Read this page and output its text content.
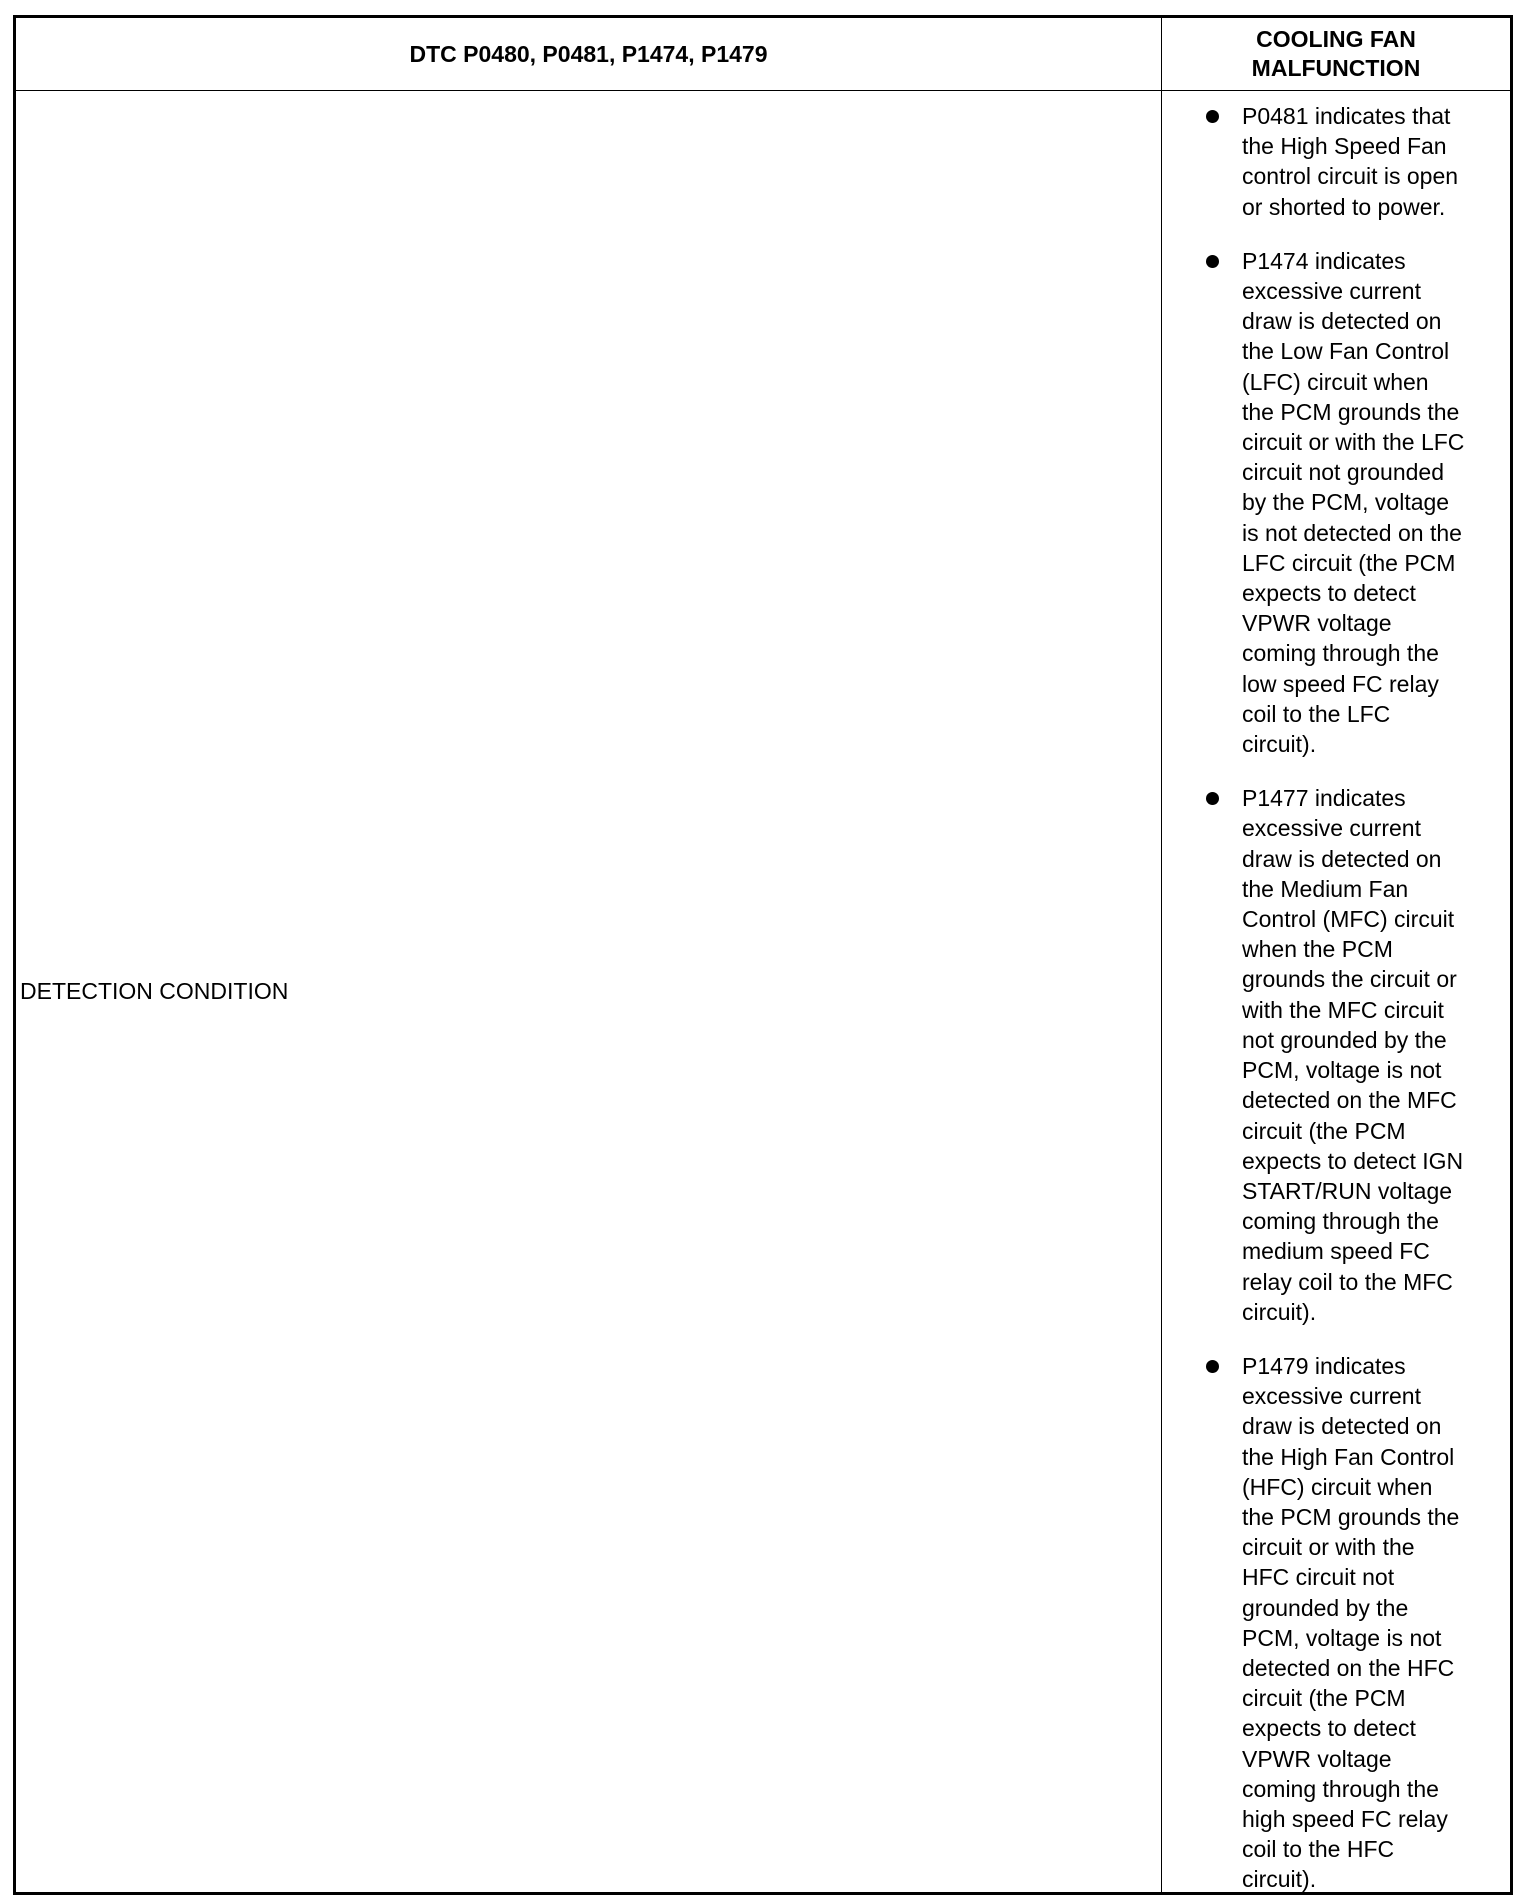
DTC P0480, P0481, P1474, P1479
COOLING FAN
MALFUNCTION
DETECTION CONDITION

P0481 indicates that
the High Speed Fan
control circuit is open
or shorted to power.

P1474 indicates
excessive current
draw is detected on
the Low Fan Control
(LFC) circuit when
the PCM grounds the
circuit or with the LFC
circuit not grounded
by the PCM, voltage
is not detected on the
LFC circuit (the PCM
expects to detect
VPWR voltage
coming through the
low speed FC relay
coil to the LFC
circuit).

P1477 indicates
excessive current
draw is detected on
the Medium Fan
Control (MFC) circuit
when the PCM
grounds the circuit or
with the MFC circuit
not grounded by the
PCM, voltage is not
detected on the MFC
circuit (the PCM
expects to detect IGN
START/RUN voltage
coming through the
medium speed FC
relay coil to the MFC
circuit).

P1479 indicates
excessive current
draw is detected on
the High Fan Control
(HFC) circuit when
the PCM grounds the
circuit or with the
HFC circuit not
grounded by the
PCM, voltage is not
detected on the HFC
circuit (the PCM
expects to detect
VPWR voltage
coming through the
high speed FC relay
coil to the HFC
circuit).
